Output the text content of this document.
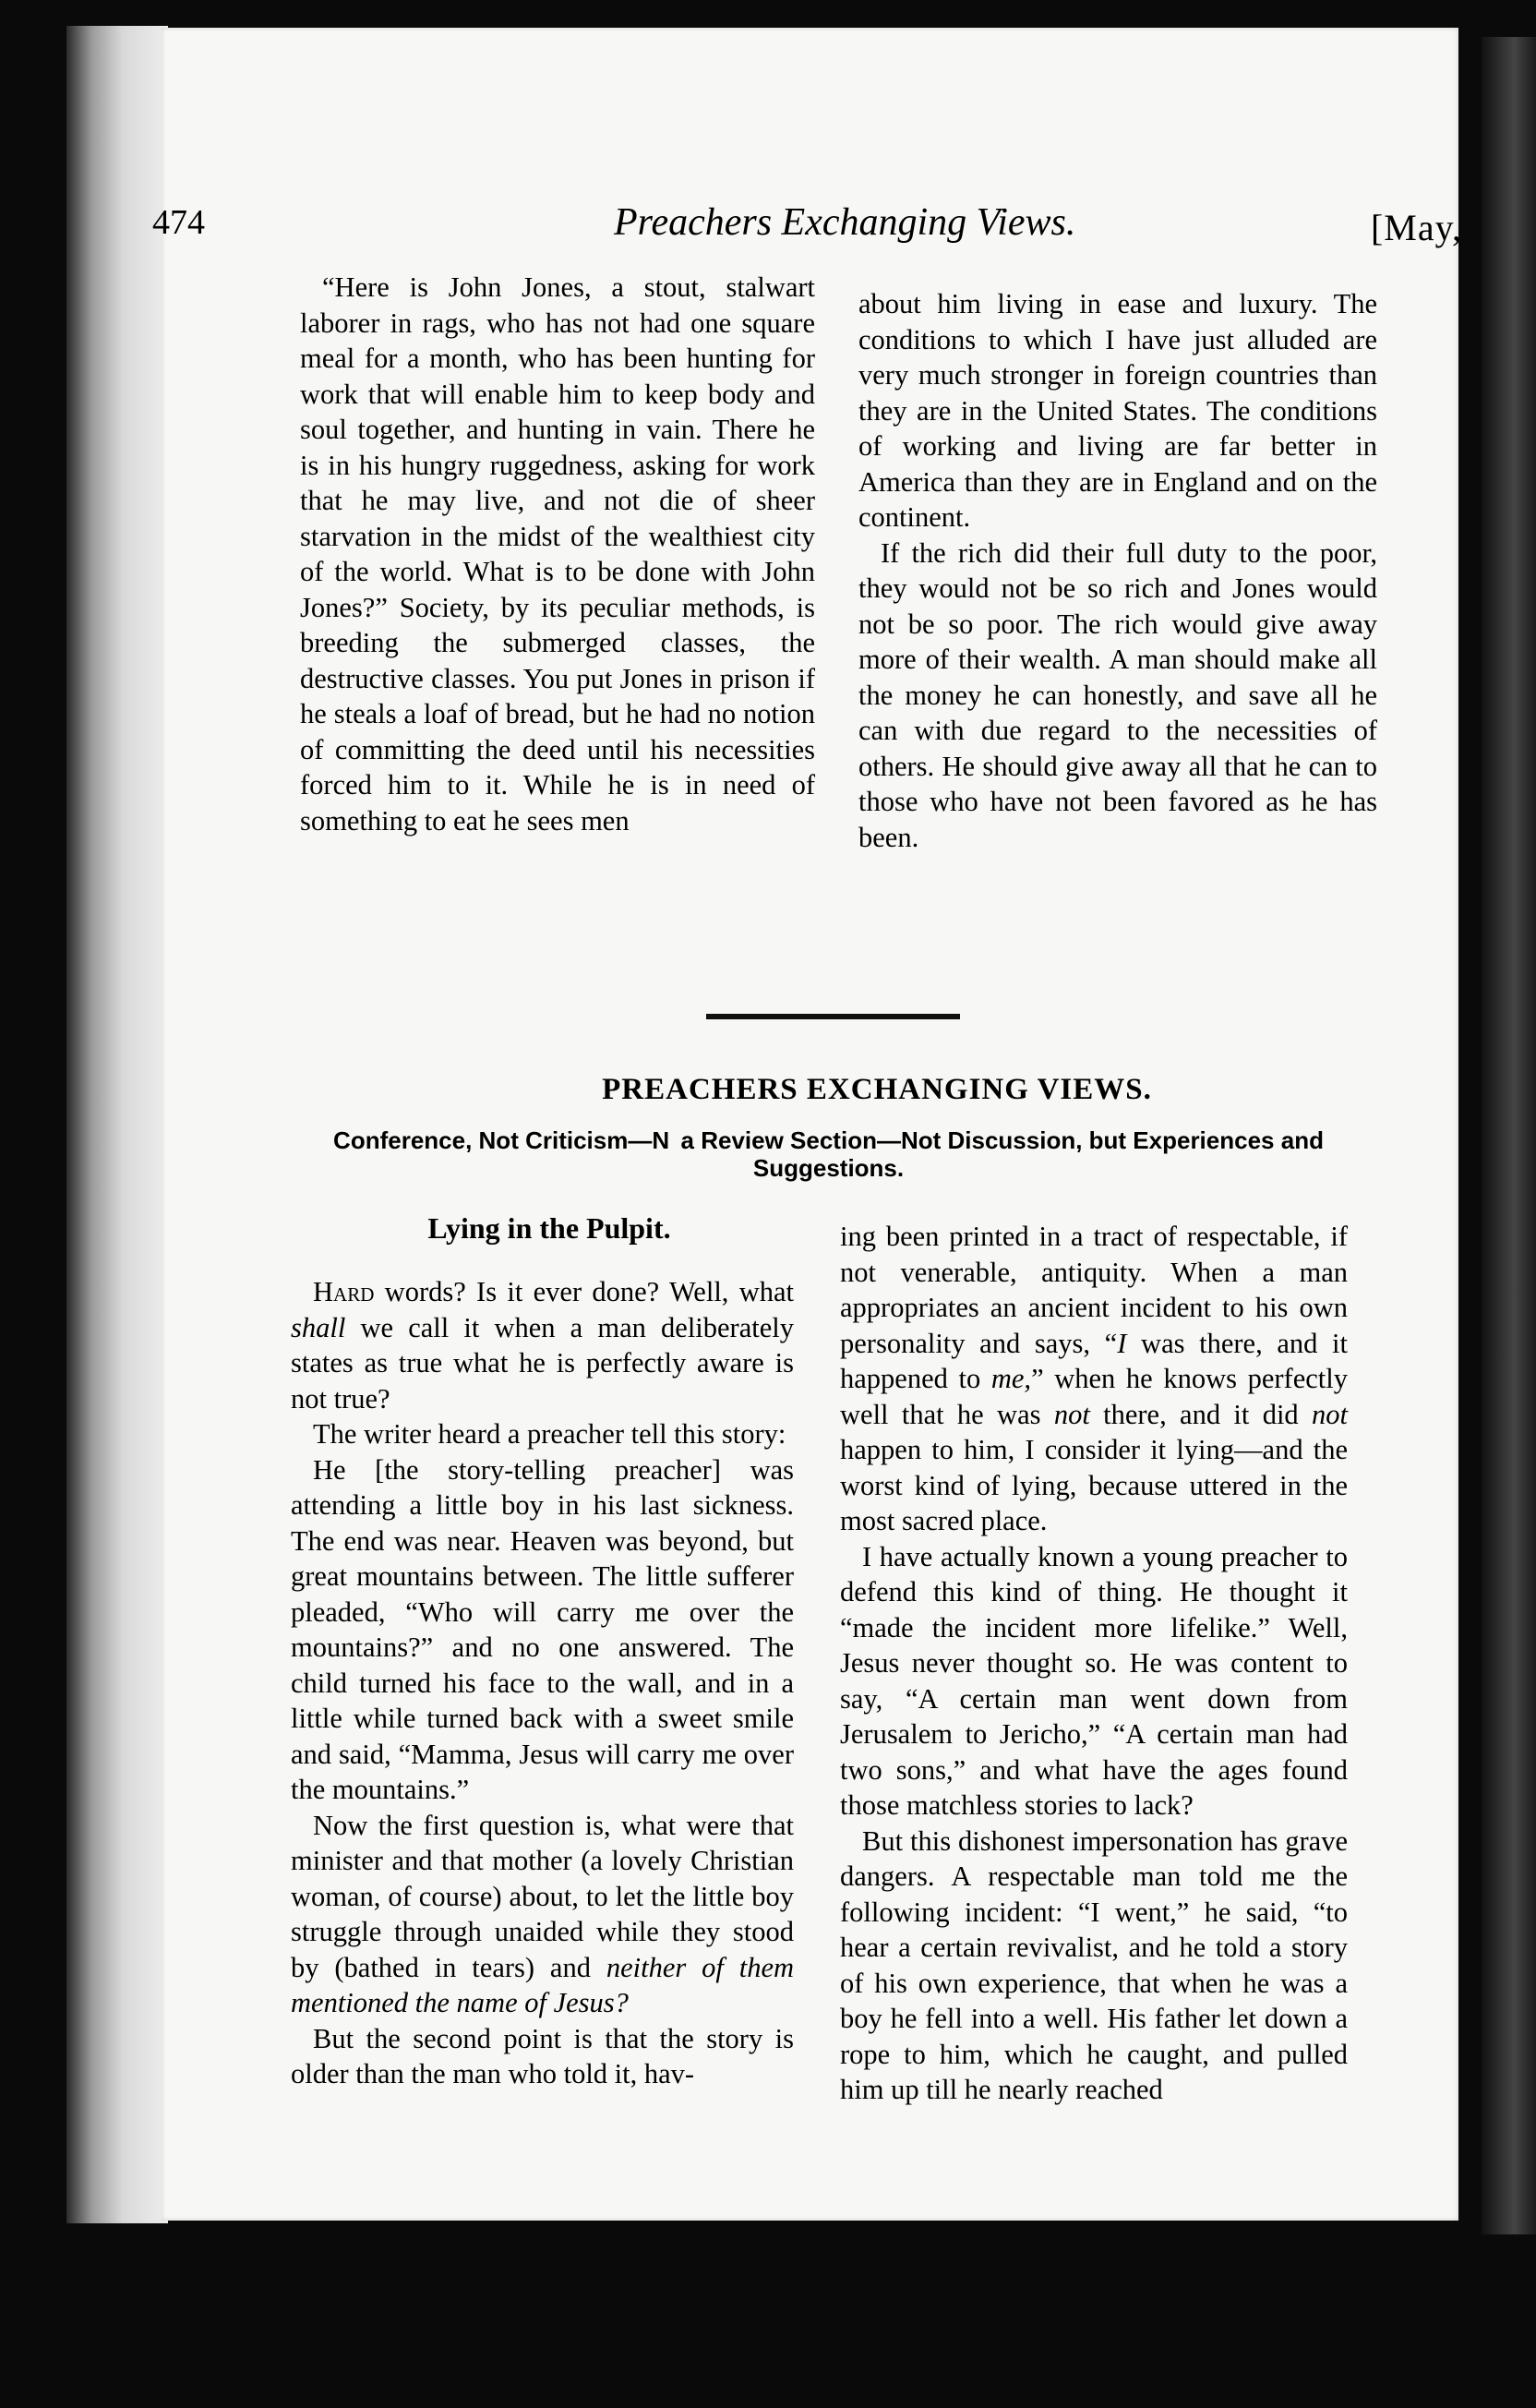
474	Preachers Exchanging Views.	[May,

“Here is John Jones, a stout, stalwart laborer in rags, who has not had one square meal for a month, who has been hunting for work that will enable him to keep body and soul together, and hunting in vain. There he is in his hungry ruggedness, asking for work that he may live, and not die of sheer starvation in the midst of the wealthiest city of the world. What is to be done with John Jones?” Society, by its peculiar methods, is breeding the submerged classes, the destructive classes. You put Jones in prison if he steals a loaf of bread, but he had no notion of committing the deed until his necessities forced him to it. While he is in need of something to eat he sees men

about him living in ease and luxury. The conditions to which I have just alluded are very much stronger in foreign countries than they are in the United States. The conditions of working and living are far better in America than they are in England and on the continent.

If the rich did their full duty to the poor, they would not be so rich and Jones would not be so poor. The rich would give away more of their wealth. A man should make all the money he can honestly, and save all he can with due regard to the necessities of others. He should give away all that he can to those who have not been favored as he has been.

PREACHERS EXCHANGING VIEWS.
Conference, Not Criticism—N  a Review Section—Not Discussion, but Experiences and Suggestions.
Lying in the Pulpit.

Hard words? Is it ever done? Well, what shall we call it when a man deliberately states as true what he is perfectly aware is not true?

The writer heard a preacher tell this story:

He [the story-telling preacher] was attending a little boy in his last sickness. The end was near. Heaven was beyond, but great mountains between. The little sufferer pleaded, “Who will carry me over the mountains?” and no one answered. The child turned his face to the wall, and in a little while turned back with a sweet smile and said, “Mamma, Jesus will carry me over the mountains.”

Now the first question is, what were that minister and that mother (a lovely Christian woman, of course) about, to let the little boy struggle through unaided while they stood by (bathed in tears) and neither of them mentioned the name of Jesus?

But the second point is that the story is older than the man who told it, hav-

ing been printed in a tract of respectable, if not venerable, antiquity. When a man appropriates an ancient incident to his own personality and says, “I was there, and it happened to me,” when he knows perfectly well that he was not there, and it did not happen to him, I consider it lying—and the worst kind of lying, because uttered in the most sacred place.

I have actually known a young preacher to defend this kind of thing. He thought it “made the incident more lifelike.” Well, Jesus never thought so. He was content to say, “A certain man went down from Jerusalem to Jericho,” “A certain man had two sons,” and what have the ages found those matchless stories to lack?

But this dishonest impersonation has grave dangers. A respectable man told me the following incident: “I went,” he said, “to hear a certain revivalist, and he told a story of his own experience, that when he was a boy he fell into a well. His father let down a rope to him, which he caught, and pulled him up till he nearly reached
